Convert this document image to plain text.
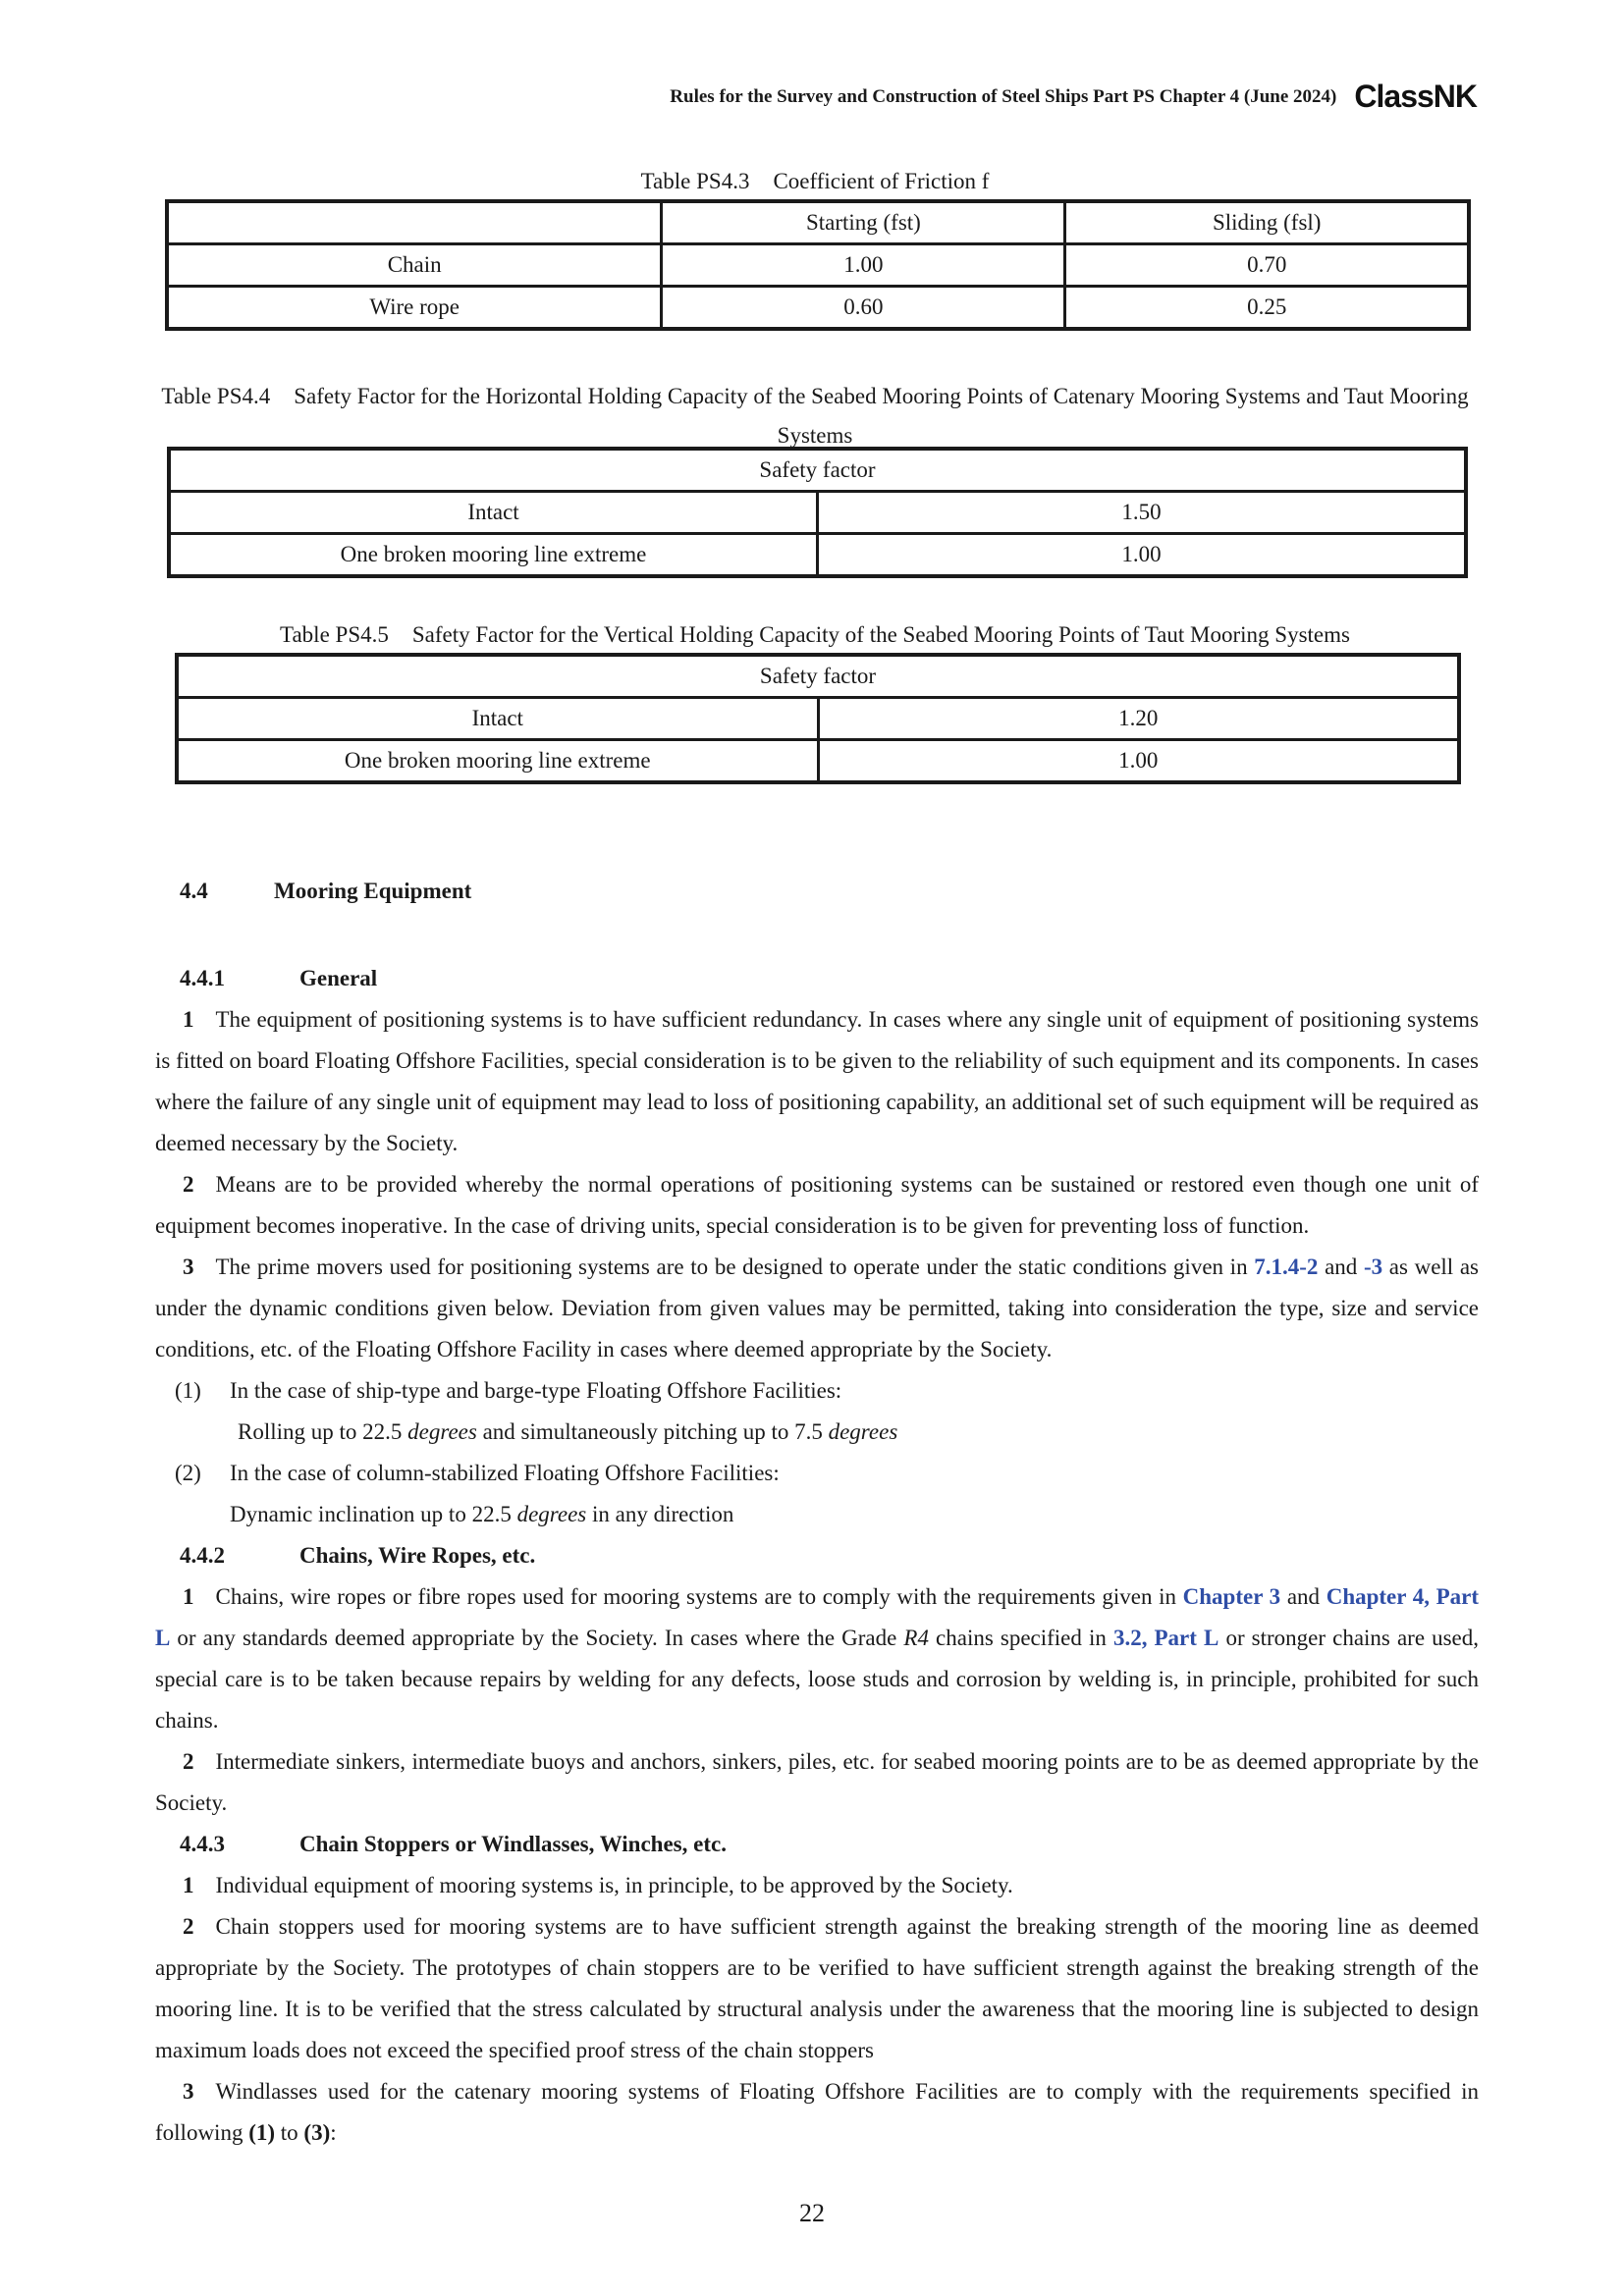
Rules for the Survey and Construction of Steel Ships Part PS Chapter 4 (June 2024) ClassNK
Table PS4.3 Coefficient of Friction f
	Starting (fst)	Sliding (fsl)
Chain	1.00	0.70
Wire rope	0.60	0.25
Table PS4.4 Safety Factor for the Horizontal Holding Capacity of the Seabed Mooring Points of Catenary Mooring Systems and Taut Mooring Systems
Safety factor	
Intact	1.50
One broken mooring line extreme	1.00
Table PS4.5 Safety Factor for the Vertical Holding Capacity of the Seabed Mooring Points of Taut Mooring Systems
Safety factor	
Intact	1.20
One broken mooring line extreme	1.00
4.4	Mooring Equipment

4.4.1	General

1 The equipment of positioning systems is to have sufficient redundancy. In cases where any single unit of equipment of positioning systems is fitted on board Floating Offshore Facilities, special consideration is to be given to the reliability of such equipment and its components. In cases where the failure of any single unit of equipment may lead to loss of positioning capability, an additional set of such equipment will be required as deemed necessary by the Society.

2 Means are to be provided whereby the normal operations of positioning systems can be sustained or restored even though one unit of equipment becomes inoperative. In the case of driving units, special consideration is to be given for preventing loss of function.

3 The prime movers used for positioning systems are to be designed to operate under the static conditions given in 7.1.4-2 and -3 as well as under the dynamic conditions given below. Deviation from given values may be permitted, taking into consideration the type, size and service conditions, etc. of the Floating Offshore Facility in cases where deemed appropriate by the Society.

(1) In the case of ship-type and barge-type Floating Offshore Facilities:

Rolling up to 22.5 degrees and simultaneously pitching up to 7.5 degrees

(2) In the case of column-stabilized Floating Offshore Facilities:

Dynamic inclination up to 22.5 degrees in any direction

4.4.2	Chains, Wire Ropes, etc.

1 Chains, wire ropes or fibre ropes used for mooring systems are to comply with the requirements given in Chapter 3 and Chapter 4, Part L or any standards deemed appropriate by the Society. In cases where the Grade R4 chains specified in 3.2, Part L or stronger chains are used, special care is to be taken because repairs by welding for any defects, loose studs and corrosion by welding is, in principle, prohibited for such chains.

2 Intermediate sinkers, intermediate buoys and anchors, sinkers, piles, etc. for seabed mooring points are to be as deemed appropriate by the Society.

4.4.3	Chain Stoppers or Windlasses, Winches, etc.

1 Individual equipment of mooring systems is, in principle, to be approved by the Society.

2 Chain stoppers used for mooring systems are to have sufficient strength against the breaking strength of the mooring line as deemed appropriate by the Society. The prototypes of chain stoppers are to be verified to have sufficient strength against the breaking strength of the mooring line. It is to be verified that the stress calculated by structural analysis under the awareness that the mooring line is subjected to design maximum loads does not exceed the specified proof stress of the chain stoppers

3 Windlasses used for the catenary mooring systems of Floating Offshore Facilities are to comply with the requirements specified in following (1) to (3):

22
